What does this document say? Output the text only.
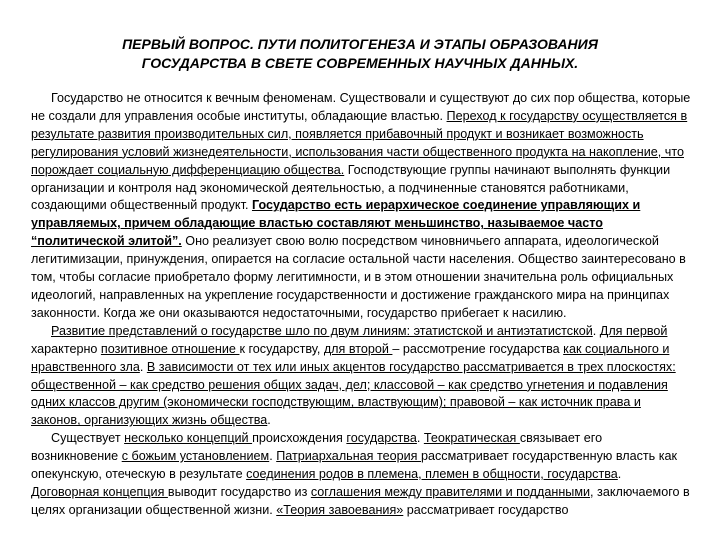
ПЕРВЫЙ ВОПРОС. ПУТИ ПОЛИТОГЕНЕЗА И ЭТАПЫ ОБРАЗОВАНИЯ
ГОСУДАРСТВА В СВЕТЕ СОВРЕМЕННЫХ НАУЧНЫХ ДАННЫХ.

Государство не относится к вечным феноменам. Существовали и существуют до сих пор общества, которые не создали для управления особые институты, обладающие властью. Переход к государству осуществляется в результате развития производительных сил, появляется прибавочный продукт и возникает возможность регулирования условий жизнедеятельности, использования части общественного продукта на накопление, что порождает социальную дифференциацию общества. Господствующие группы начинают выполнять функции организации и контроля над экономической деятельностью, а подчиненные становятся работниками, создающими общественный продукт. Государство есть иерархическое соединение управляющих и управляемых, причем обладающие властью составляют меньшинство, называемое часто “политической элитой”. Оно реализует свою волю посредством чиновничьего аппарата, идеологической легитимизации, принуждения, опирается на согласие остальной части населения. Общество заинтересовано в том, чтобы согласие приобретало форму легитимности, и в этом отношении значительна роль официальных идеологий, направленных на укрепление государственности и достижение гражданского мира на принципах законности. Когда же они оказываются недостаточными, государство прибегает к насилию.

Развитие представлений о государстве шло по двум линиям: этатистской и антиэтатистской. Для первой характерно позитивное отношение к государству, для второй – рассмотрение государства как социального и нравственного зла. В зависимости от тех или иных акцентов государство рассматривается в трех плоскостях: общественной – как средство решения общих задач, дел; классовой – как средство угнетения и подавления одних классов другим (экономически господствующим, властвующим); правовой – как источник права и законов, организующих жизнь общества.

Существует несколько концепций происхождения государства. Теократическая связывает его возникновение с божьим установлением. Патриархальная теория рассматривает государственную власть как опекунскую, отеческую в результате соединения родов в племена, племен в общности, государства. Договорная концепция выводит государство из соглашения между правителями и подданными, заключаемого в целях организации общественной жизни. «Теория завоевания» рассматривает государство
